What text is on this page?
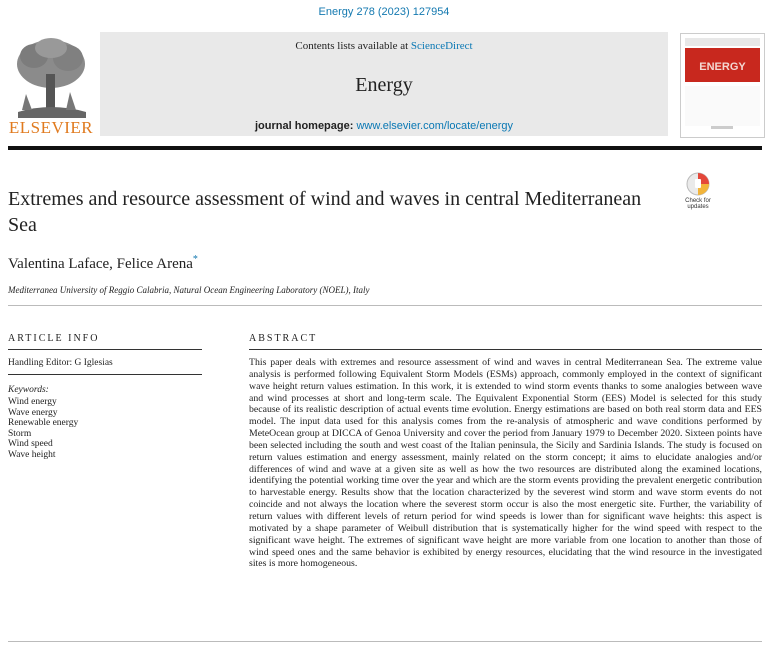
Energy 278 (2023) 127954
Contents lists available at ScienceDirect
Energy
journal homepage: www.elsevier.com/locate/energy
ELSEVIER
ENERGY
Check for
updates
Extremes and resource assessment of wind and waves in central Mediterranean Sea
Valentina Laface, Felice Arena*
Mediterranea University of Reggio Calabria, Natural Ocean Engineering Laboratory (NOEL), Italy
ARTICLE INFO	ABSTRACT
Handling Editor: G Iglesias
Keywords:
Wind energy
Wave energy
Renewable energy
Storm
Wind speed
Wave height

This paper deals with extremes and resource assessment of wind and waves in central Mediterranean Sea. The extreme value analysis is performed following Equivalent Storm Models (ESMs) approach, commonly employed in the context of significant wave height return values estimation. In this work, it is extended to wind storm events thanks to some analogies between wave and wind processes at short and long-term scale. The Equivalent Exponential Storm (EES) Model is selected for this study because of its realistic description of actual events time evolution. Energy estimations are based on both real storm data and EES model. The input data used for this analysis comes from the re-analysis of atmospheric and wave conditions performed by MeteOcean group at DICCA of Genoa University and cover the period from January 1979 to December 2020. Sixteen points have been selected including the south and west coast of the Italian peninsula, the Sicily and Sardinia Islands. The study is focused on return values estimation and energy assessment, mainly related on the storm concept; it aims to elucidate analogies and/or differences of wind and wave at a given site as well as how the two resources are distributed along the examined locations, identifying the potential working time over the year and which are the storm events providing the prevalent energetic contribution to harvestable energy. Results show that the location characterized by the severest wind storm and wave storm events do not coincide and not always the location where the severest storm occur is also the most energetic site. Further, the variability of return values with different levels of return period for wind speeds is lower than for significant wave heights: this aspect is motivated by a shape parameter of Weibull distribution that is systematically higher for the wind speed with respect to the significant wave height. The extremes of significant wave height are more variable from one location to another than those of wind speed ones and the same behavior is exhibited by energy resources, elucidating that the wind resource in the investigated sites is more homogeneous.
